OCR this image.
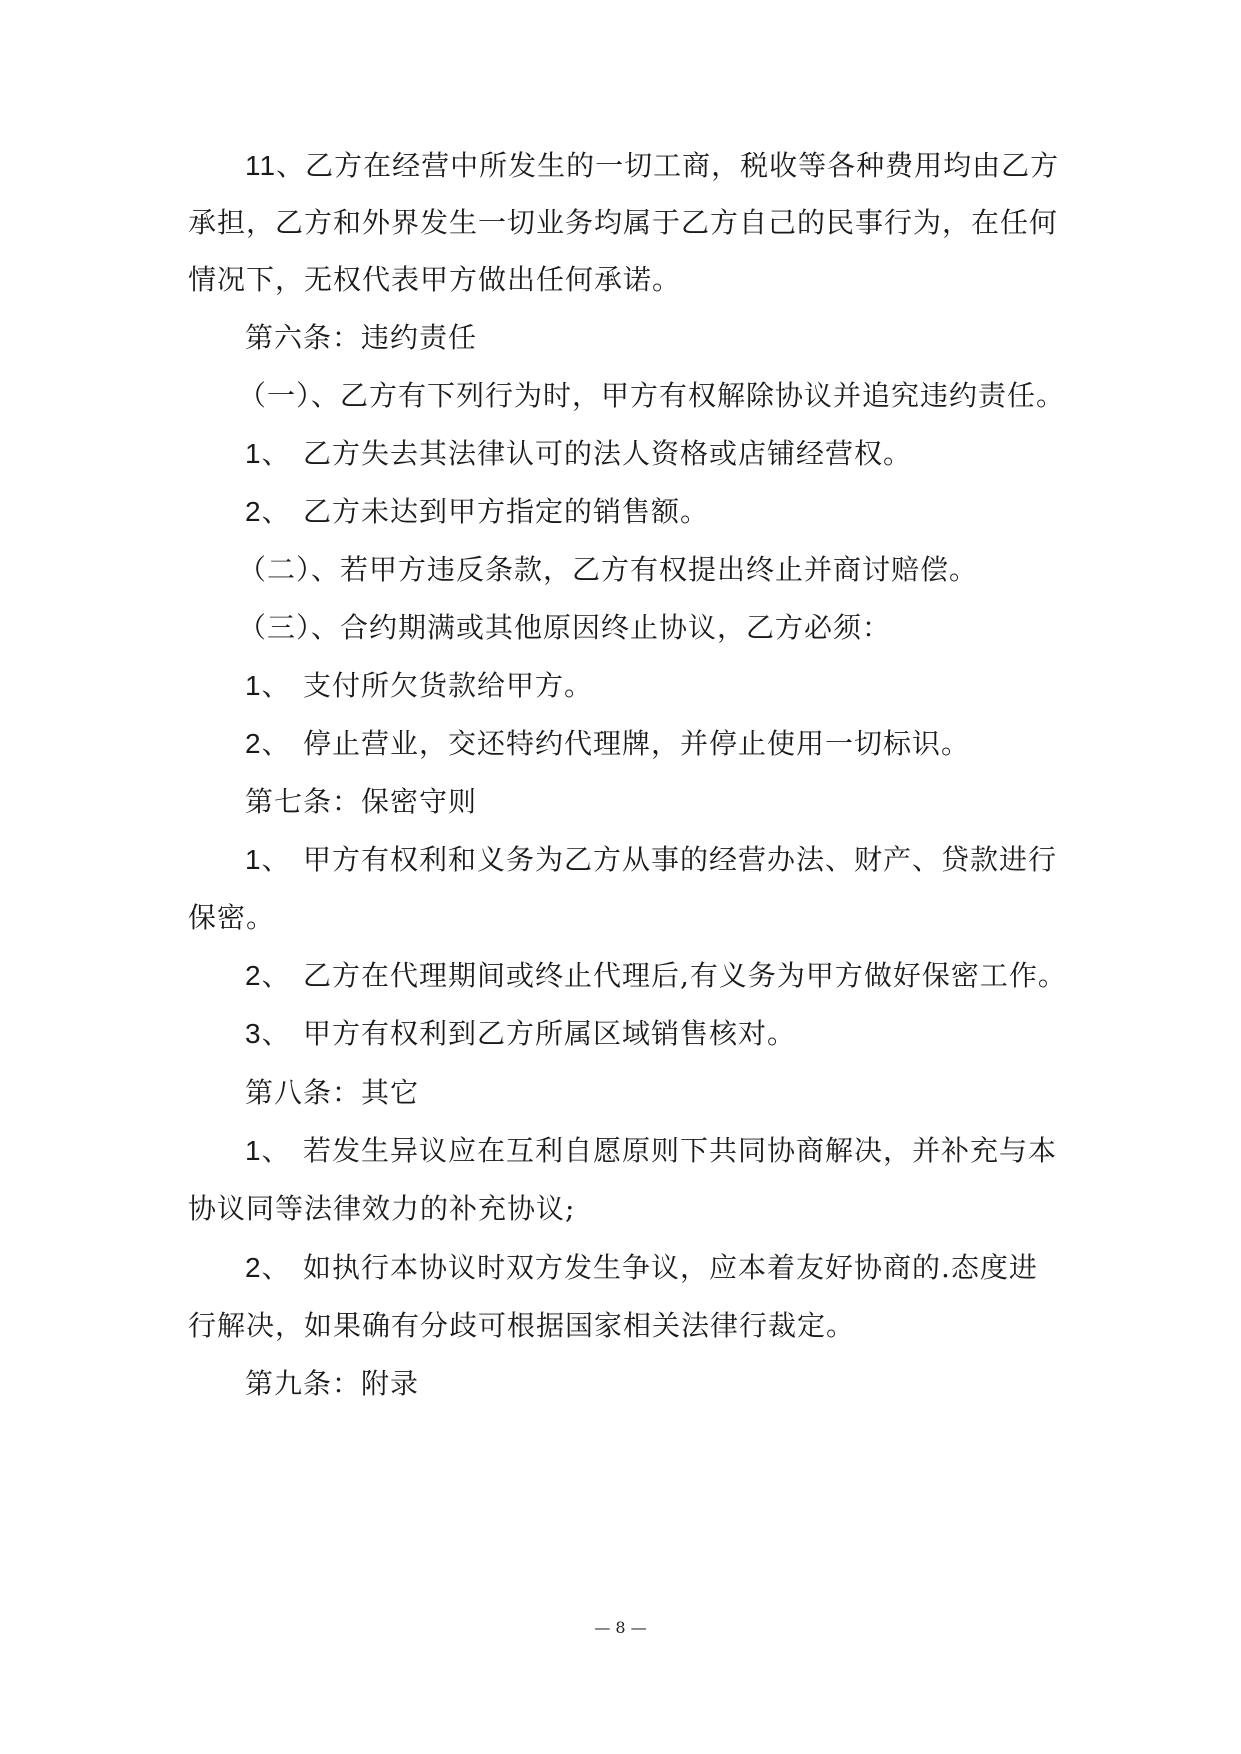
11、乙方在经营中所发生的一切工商，税收等各种费用均由乙方
承担，乙方和外界发生一切业务均属于乙方自己的民事行为，在任何
情况下，无权代表甲方做出任何承诺。
第六条：违约责任
（一）、乙方有下列行为时，甲方有权解除协议并追究违约责任。
1、 乙方失去其法律认可的法人资格或店铺经营权。
2、 乙方未达到甲方指定的销售额。
（二）、若甲方违反条款，乙方有权提出终止并商讨赔偿。
（三）、合约期满或其他原因终止协议，乙方必须：
1、 支付所欠货款给甲方。
2、 停止营业，交还特约代理牌，并停止使用一切标识。
第七条：保密守则
1、 甲方有权利和义务为乙方从事的经营办法、财产、贷款进行
保密。
2、 乙方在代理期间或终止代理后,有义务为甲方做好保密工作。
3、 甲方有权利到乙方所属区域销售核对。
第八条：其它
1、 若发生异议应在互利自愿原则下共同协商解决，并补充与本
协议同等法律效力的补充协议;
2、 如执行本协议时双方发生争议，应本着友好协商的.态度进
行解决，如果确有分歧可根据国家相关法律行裁定。
第九条：附录
— 8 —
